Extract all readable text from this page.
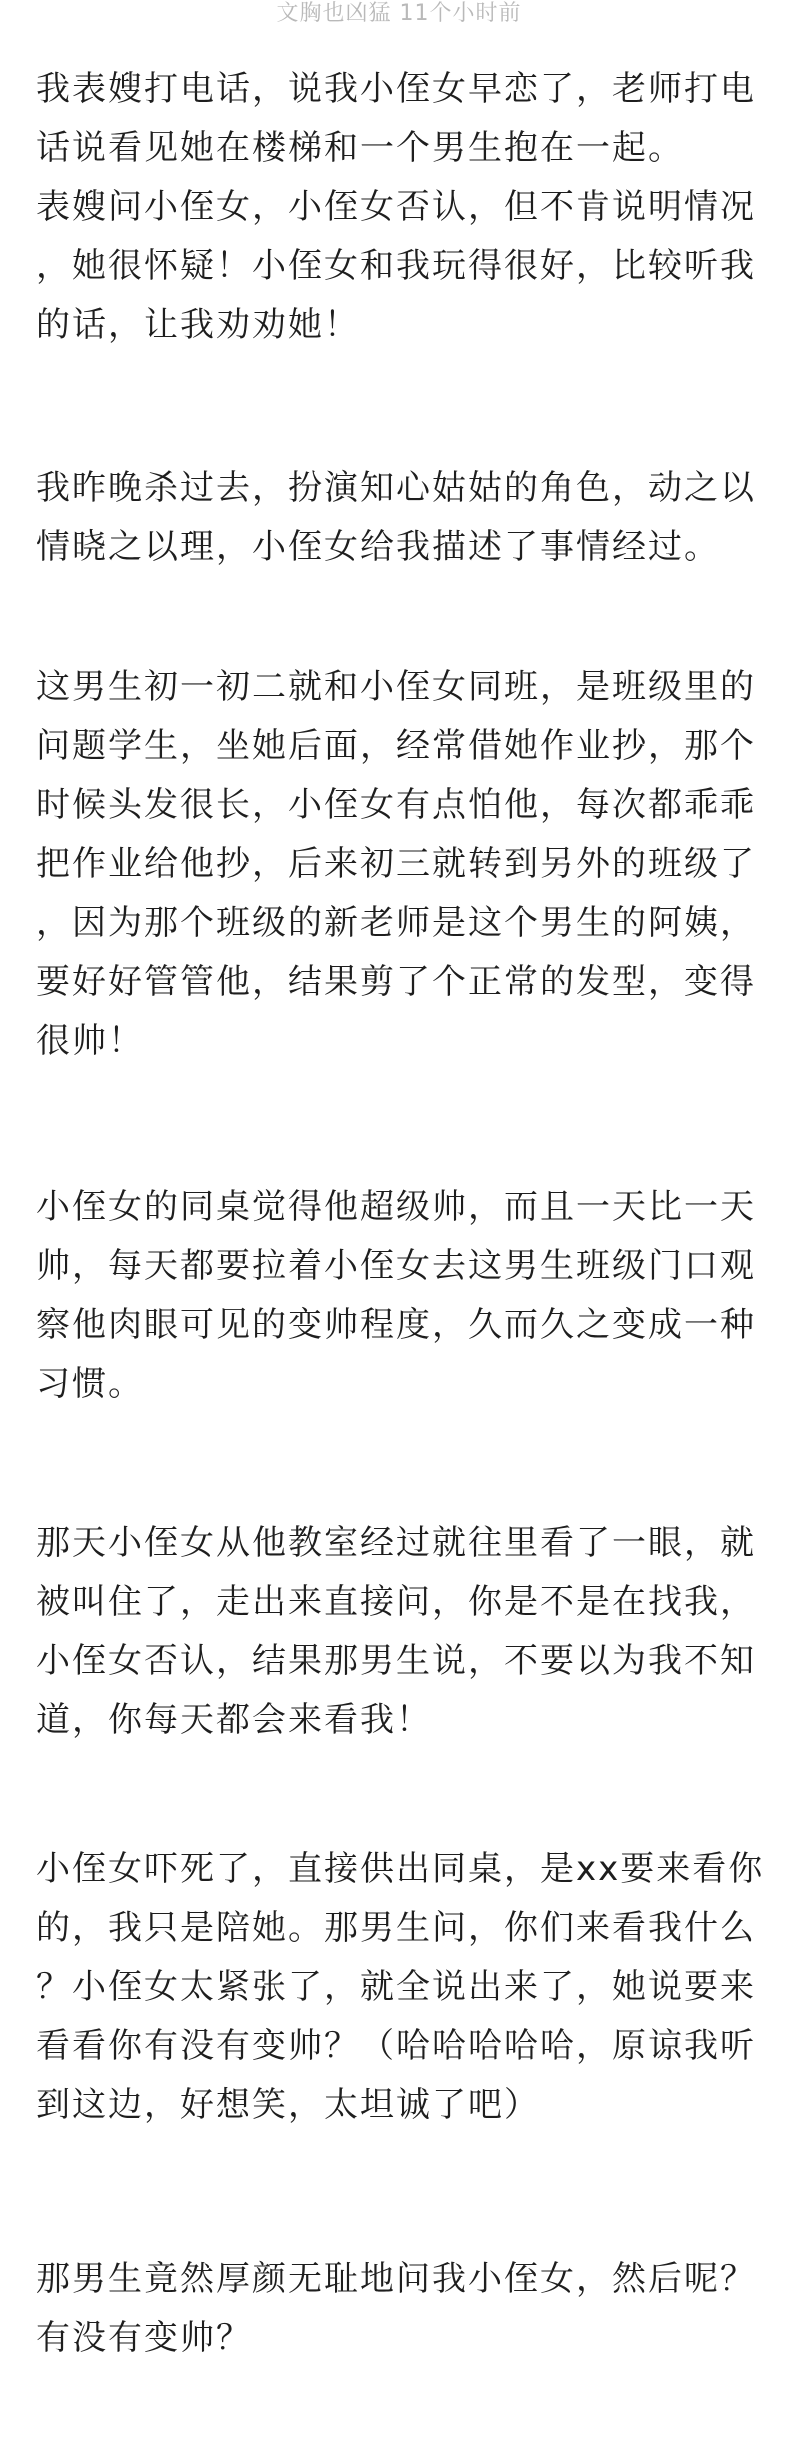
文胸也凶猛 11个小时前
我表嫂打电话，说我小侄女早恋了，老师打电
话说看见她在楼梯和一个男生抱在一起。
表嫂问小侄女，小侄女否认，但不肯说明情况
，她很怀疑！小侄女和我玩得很好，比较听我
的话，让我劝劝她！
我昨晚杀过去，扮演知心姑姑的角色，动之以
情晓之以理，小侄女给我描述了事情经过。
这男生初一初二就和小侄女同班，是班级里的
问题学生，坐她后面，经常借她作业抄，那个
时候头发很长，小侄女有点怕他，每次都乖乖
把作业给他抄，后来初三就转到另外的班级了
，因为那个班级的新老师是这个男生的阿姨，
要好好管管他，结果剪了个正常的发型，变得
很帅！
小侄女的同桌觉得他超级帅，而且一天比一天
帅，每天都要拉着小侄女去这男生班级门口观
察他肉眼可见的变帅程度，久而久之变成一种
习惯。
那天小侄女从他教室经过就往里看了一眼，就
被叫住了，走出来直接问，你是不是在找我，
小侄女否认，结果那男生说，不要以为我不知
道，你每天都会来看我！
小侄女吓死了，直接供出同桌，是xx要来看你
的，我只是陪她。那男生问，你们来看我什么
？小侄女太紧张了，就全说出来了，她说要来
看看你有没有变帅？（哈哈哈哈哈，原谅我听
到这边，好想笑，太坦诚了吧）
那男生竟然厚颜无耻地问我小侄女，然后呢？
有没有变帅？
